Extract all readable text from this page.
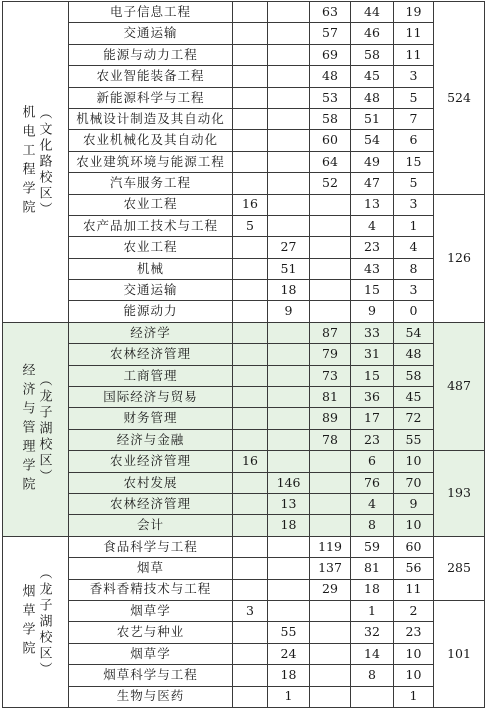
机电工程学院 （文化路校区）	电子信息工程			63	44	19	524
	交通运输			57	46	11	
	能源与动力工程			69	58	11	
	农业智能装备工程			48	45	3	
	新能源科学与工程			53	48	5	
	机械设计制造及其自动化			58	51	7	
	农业机械化及其自动化			60	54	6	
	农业建筑环境与能源工程			64	49	15	
	汽车服务工程			52	47	5	
	农业工程	16			13	3	126
	农产品加工技术与工程	5			4	1	
	农业工程		27		23	4	
	机械		51		43	8	
	交通运输		18		15	3	
	能源动力		9		9	0	
经济与管理学院 （龙子湖校区）	经济学			87	33	54	487
	农林经济管理			79	31	48	
	工商管理			73	15	58	
	国际经济与贸易			81	36	45	
	财务管理			89	17	72	
	经济与金融			78	23	55	
	农业经济管理	16			6	10	193
	农村发展		146		76	70	
	农林经济管理		13		4	9	
	会计		18		8	10	
烟草学院 （龙子湖校区）	食品科学与工程			119	59	60	285
	烟草			137	81	56	
	香料香精技术与工程			29	18	11	
	烟草学	3			1	2	101
	农艺与种业		55		32	23	
	烟草学		24		14	10	
	烟草科学与工程		18		8	10	
	生物与医药		1			1	
